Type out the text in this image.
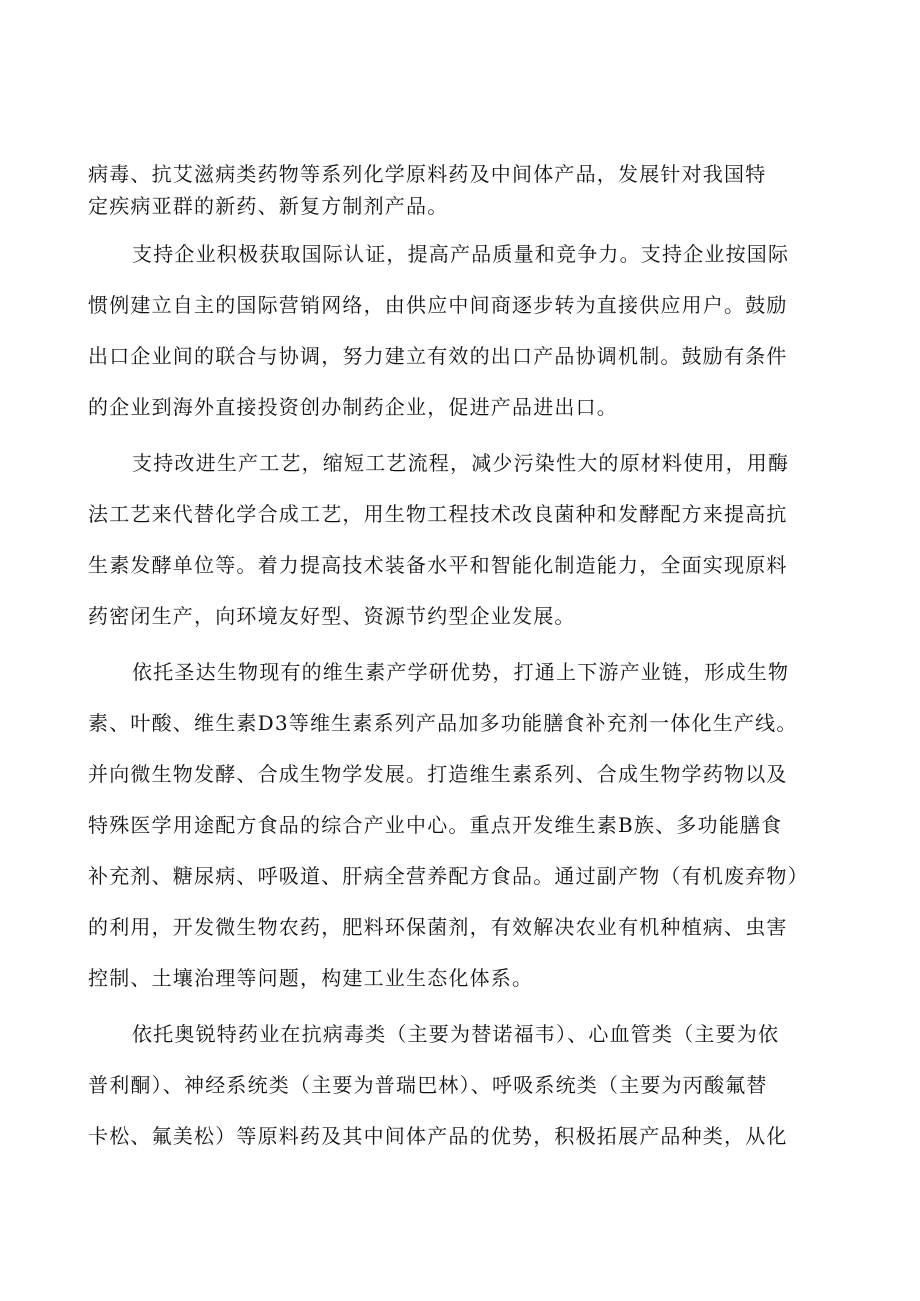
病毒、抗艾滋病类药物等系列化学原料药及中间体产品，发展针对我国特
定疾病亚群的新药、新复方制剂产品。
支持企业积极获取国际认证，提高产品质量和竞争力。支持企业按国际
惯例建立自主的国际营销网络，由供应中间商逐步转为直接供应用户。鼓励
出口企业间的联合与协调，努力建立有效的出口产品协调机制。鼓励有条件
的企业到海外直接投资创办制药企业，促进产品进出口。
支持改进生产工艺，缩短工艺流程，减少污染性大的原材料使用，用酶
法工艺来代替化学合成工艺，用生物工程技术改良菌种和发酵配方来提高抗
生素发酵单位等。着力提高技术装备水平和智能化制造能力，全面实现原料
药密闭生产，向环境友好型、资源节约型企业发展。
依托圣达生物现有的维生素产学研优势，打通上下游产业链，形成生物
素、叶酸、维生素D3等维生素系列产品加多功能膳食补充剂一体化生产线。
并向微生物发酵、合成生物学发展。打造维生素系列、合成生物学药物以及
特殊医学用途配方食品的综合产业中心。重点开发维生素B族、多功能膳食
补充剂、糖尿病、呼吸道、肝病全营养配方食品。通过副产物（有机废弃物）
的利用，开发微生物农药，肥料环保菌剂，有效解决农业有机种植病、虫害
控制、土壤治理等问题，构建工业生态化体系。
依托奥锐特药业在抗病毒类（主要为替诺福韦）、心血管类（主要为依
普利酮）、神经系统类（主要为普瑞巴林）、呼吸系统类（主要为丙酸氟替
卡松、氟美松）等原料药及其中间体产品的优势，积极拓展产品种类，从化
